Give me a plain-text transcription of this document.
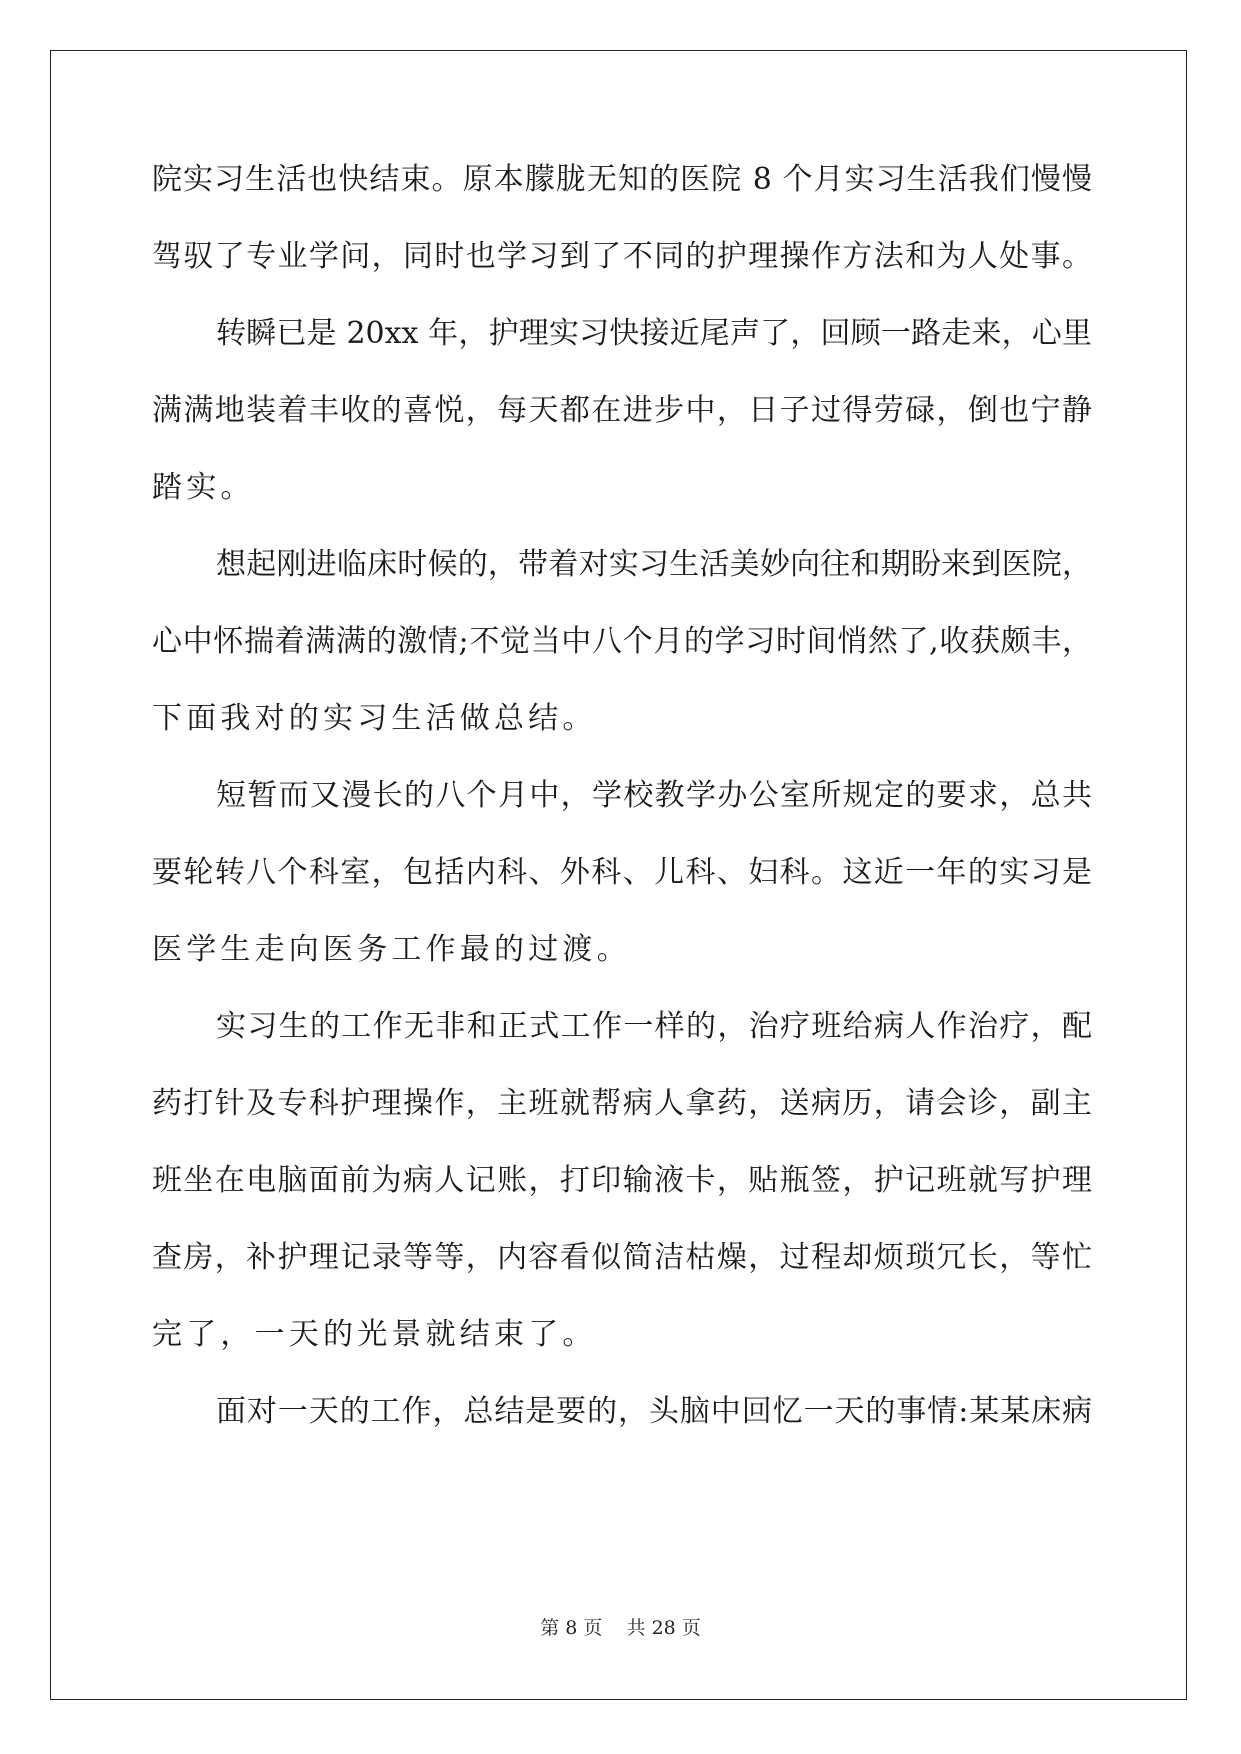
院实习生活也快结束。原本朦胧无知的医院 8 个月实习生活我们慢慢
驾驭了专业学问，同时也学习到了不同的护理操作方法和为人处事。
转瞬已是 20xx 年，护理实习快接近尾声了，回顾一路走来，心里
满满地装着丰收的喜悦，每天都在进步中，日子过得劳碌，倒也宁静
踏实。
想起刚进临床时候的，带着对实习生活美妙向往和期盼来到医院，
心中怀揣着满满的激情;不觉当中八个月的学习时间悄然了,收获颇丰，
下面我对的实习生活做总结。
短暂而又漫长的八个月中，学校教学办公室所规定的要求，总共
要轮转八个科室，包括内科、外科、儿科、妇科。这近一年的实习是
医学生走向医务工作最的过渡。
实习生的工作无非和正式工作一样的，治疗班给病人作治疗，配
药打针及专科护理操作，主班就帮病人拿药，送病历，请会诊，副主
班坐在电脑面前为病人记账，打印输液卡，贴瓶签，护记班就写护理
查房，补护理记录等等，内容看似简洁枯燥，过程却烦琐冗长，等忙
完了，一天的光景就结束了。
面对一天的工作，总结是要的，头脑中回忆一天的事情:某某床病
第 8 页 共 28 页
